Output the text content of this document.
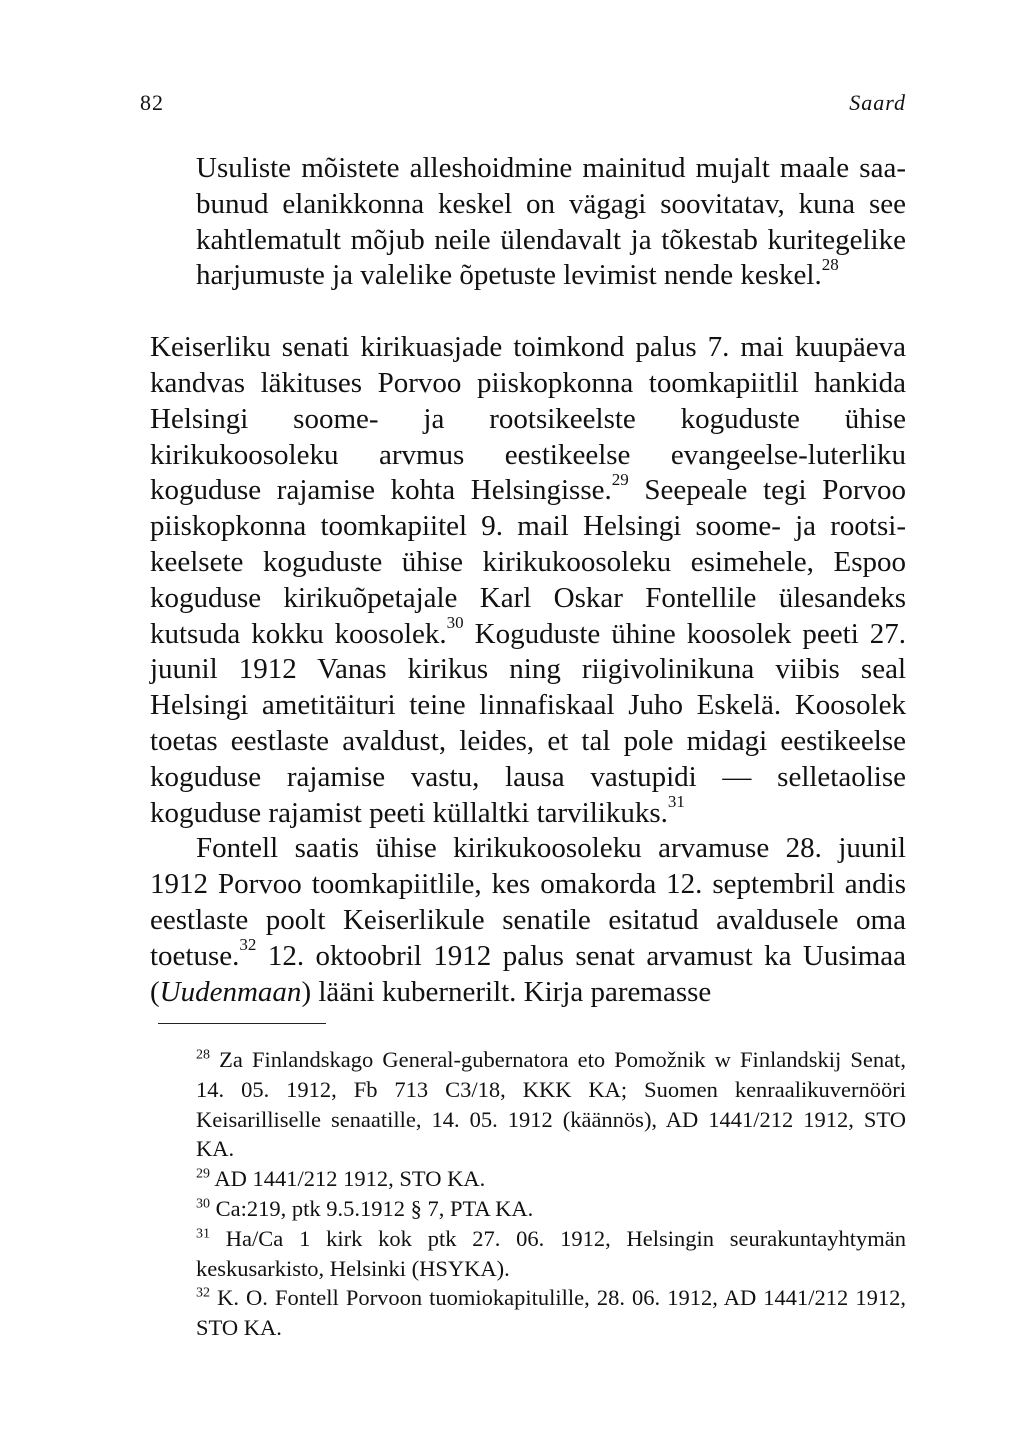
82	Saard

Usuliste mõistete alleshoidmine mainitud mujalt maale saabunud elanikkonna keskel on vägagi soovitatav, kuna see kahtlematult mõjub neile ülendavalt ja tõkestab kuritegelike harjumuste ja valelike õpetuste levimist nende keskel.$^{28}$

Keiserliku senati kirikuasjade toimkond palus 7. mai kuupäeva kandvas läkituses Porvoo piiskopkonna toomkapiitlil hankida Helsingi soome- ja rootsikeelste koguduste ühise kirikukoosoleku arvmus eestikeelse evangeelse-luterliku koguduse rajamise kohta Helsingisse.$^{29}$ Seepeale tegi Porvoo piiskopkonna toomkapiitel 9. mail Helsingi soome- ja rootsikeelsete koguduste ühise kirikukoosoleku esimehele, Espoo koguduse kirikuõpetajale Karl Oskar Fontellile ülesandeks kutsuda kokku koosolek.$^{30}$ Koguduste ühine koosolek peeti 27. juunil 1912 Vanas kirikus ning riigivolinikuna viibis seal Helsingi ametitäituri teine linnafiskaal Juho Eskelä. Koosolek toetas eestlaste avaldust, leides, et tal pole midagi eestikeelse koguduse rajamise vastu, lausa vastupidi — selletaolise koguduse rajamist peeti küllaltki tarvilikuks.$^{31}$

Fontell saatis ühise kirikukoosoleku arvamuse 28. juunil 1912 Porvoo toomkapiitlile, kes omakorda 12. septembril andis eestlaste poolt Keiserlikule senatile esitatud avaldusele oma toetuse.$^{32}$ 12. oktoobril 1912 palus senat arvamust ka Uusimaa (Uudenmaan) lääni kubernerilt. Kirja paremasse

$^{28}$ Za Finlandskago General-gubernatora eto Pomožnik w Finlandskij Senat, 14. 05. 1912, Fb 713 C3/18, KKK KA; Suomen kenraalikuvernööri Keisarilliselle senaatille, 14. 05. 1912 (käännös), AD 1441/212 1912, STO KA.

$^{29}$ AD 1441/212 1912, STO KA.

$^{30}$ Ca:219, ptk 9.5.1912 § 7, PTA KA.

$^{31}$ Ha/Ca 1 kirk kok ptk 27. 06. 1912, Helsingin seurakuntayhtymän keskusarkisto, Helsinki (HSYKA).

$^{32}$ K. O. Fontell Porvoon tuomiokapitulille, 28. 06. 1912, AD 1441/212 1912, STO KA.
